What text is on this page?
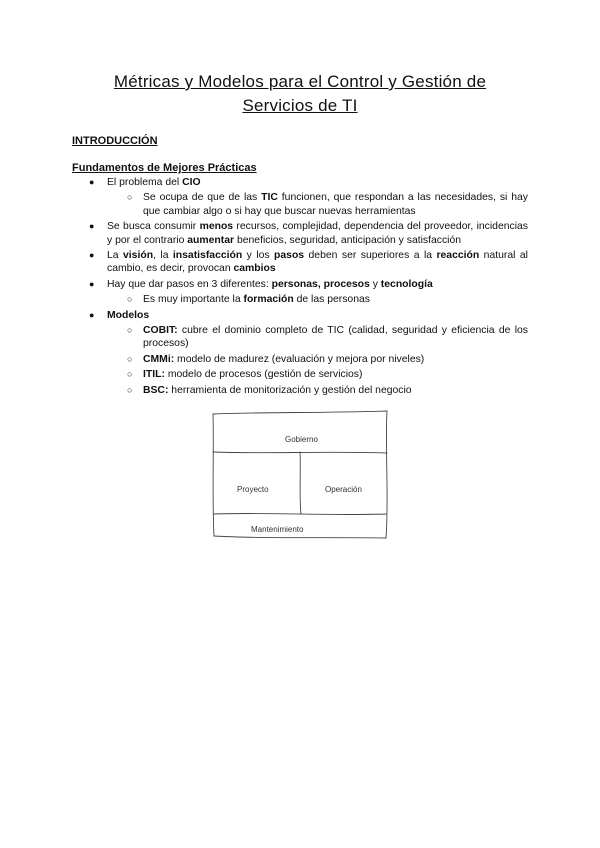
Métricas y Modelos para el Control y Gestión de
Servicios de TI
INTRODUCCIÓN
Fundamentos de Mejores Prácticas
● El problema del CIO
○ Se ocupa de que de las TIC funcionen, que respondan a las necesidades, si hay que cambiar algo o si hay que buscar nuevas herramientas
● Se busca consumir menos recursos, complejidad, dependencia del proveedor, incidencias y por el contrario aumentar beneficios, seguridad, anticipación y satisfacción
● La visión, la insatisfacción y los pasos deben ser superiores a la reacción natural al cambio, es decir, provocan cambios
● Hay que dar pasos en 3 diferentes: personas, procesos y tecnología
○ Es muy importante la formación de las personas
● Modelos
○ COBIT: cubre el dominio completo de TIC (calidad, seguridad y eficiencia de los procesos)
○ CMMi: modelo de madurez (evaluación y mejora por niveles)
○ ITIL: modelo de procesos (gestión de servicios)
○ BSC: herramienta de monitorización y gestión del negocio
Gobierno
Proyecto	Operación
Mantenimiento
